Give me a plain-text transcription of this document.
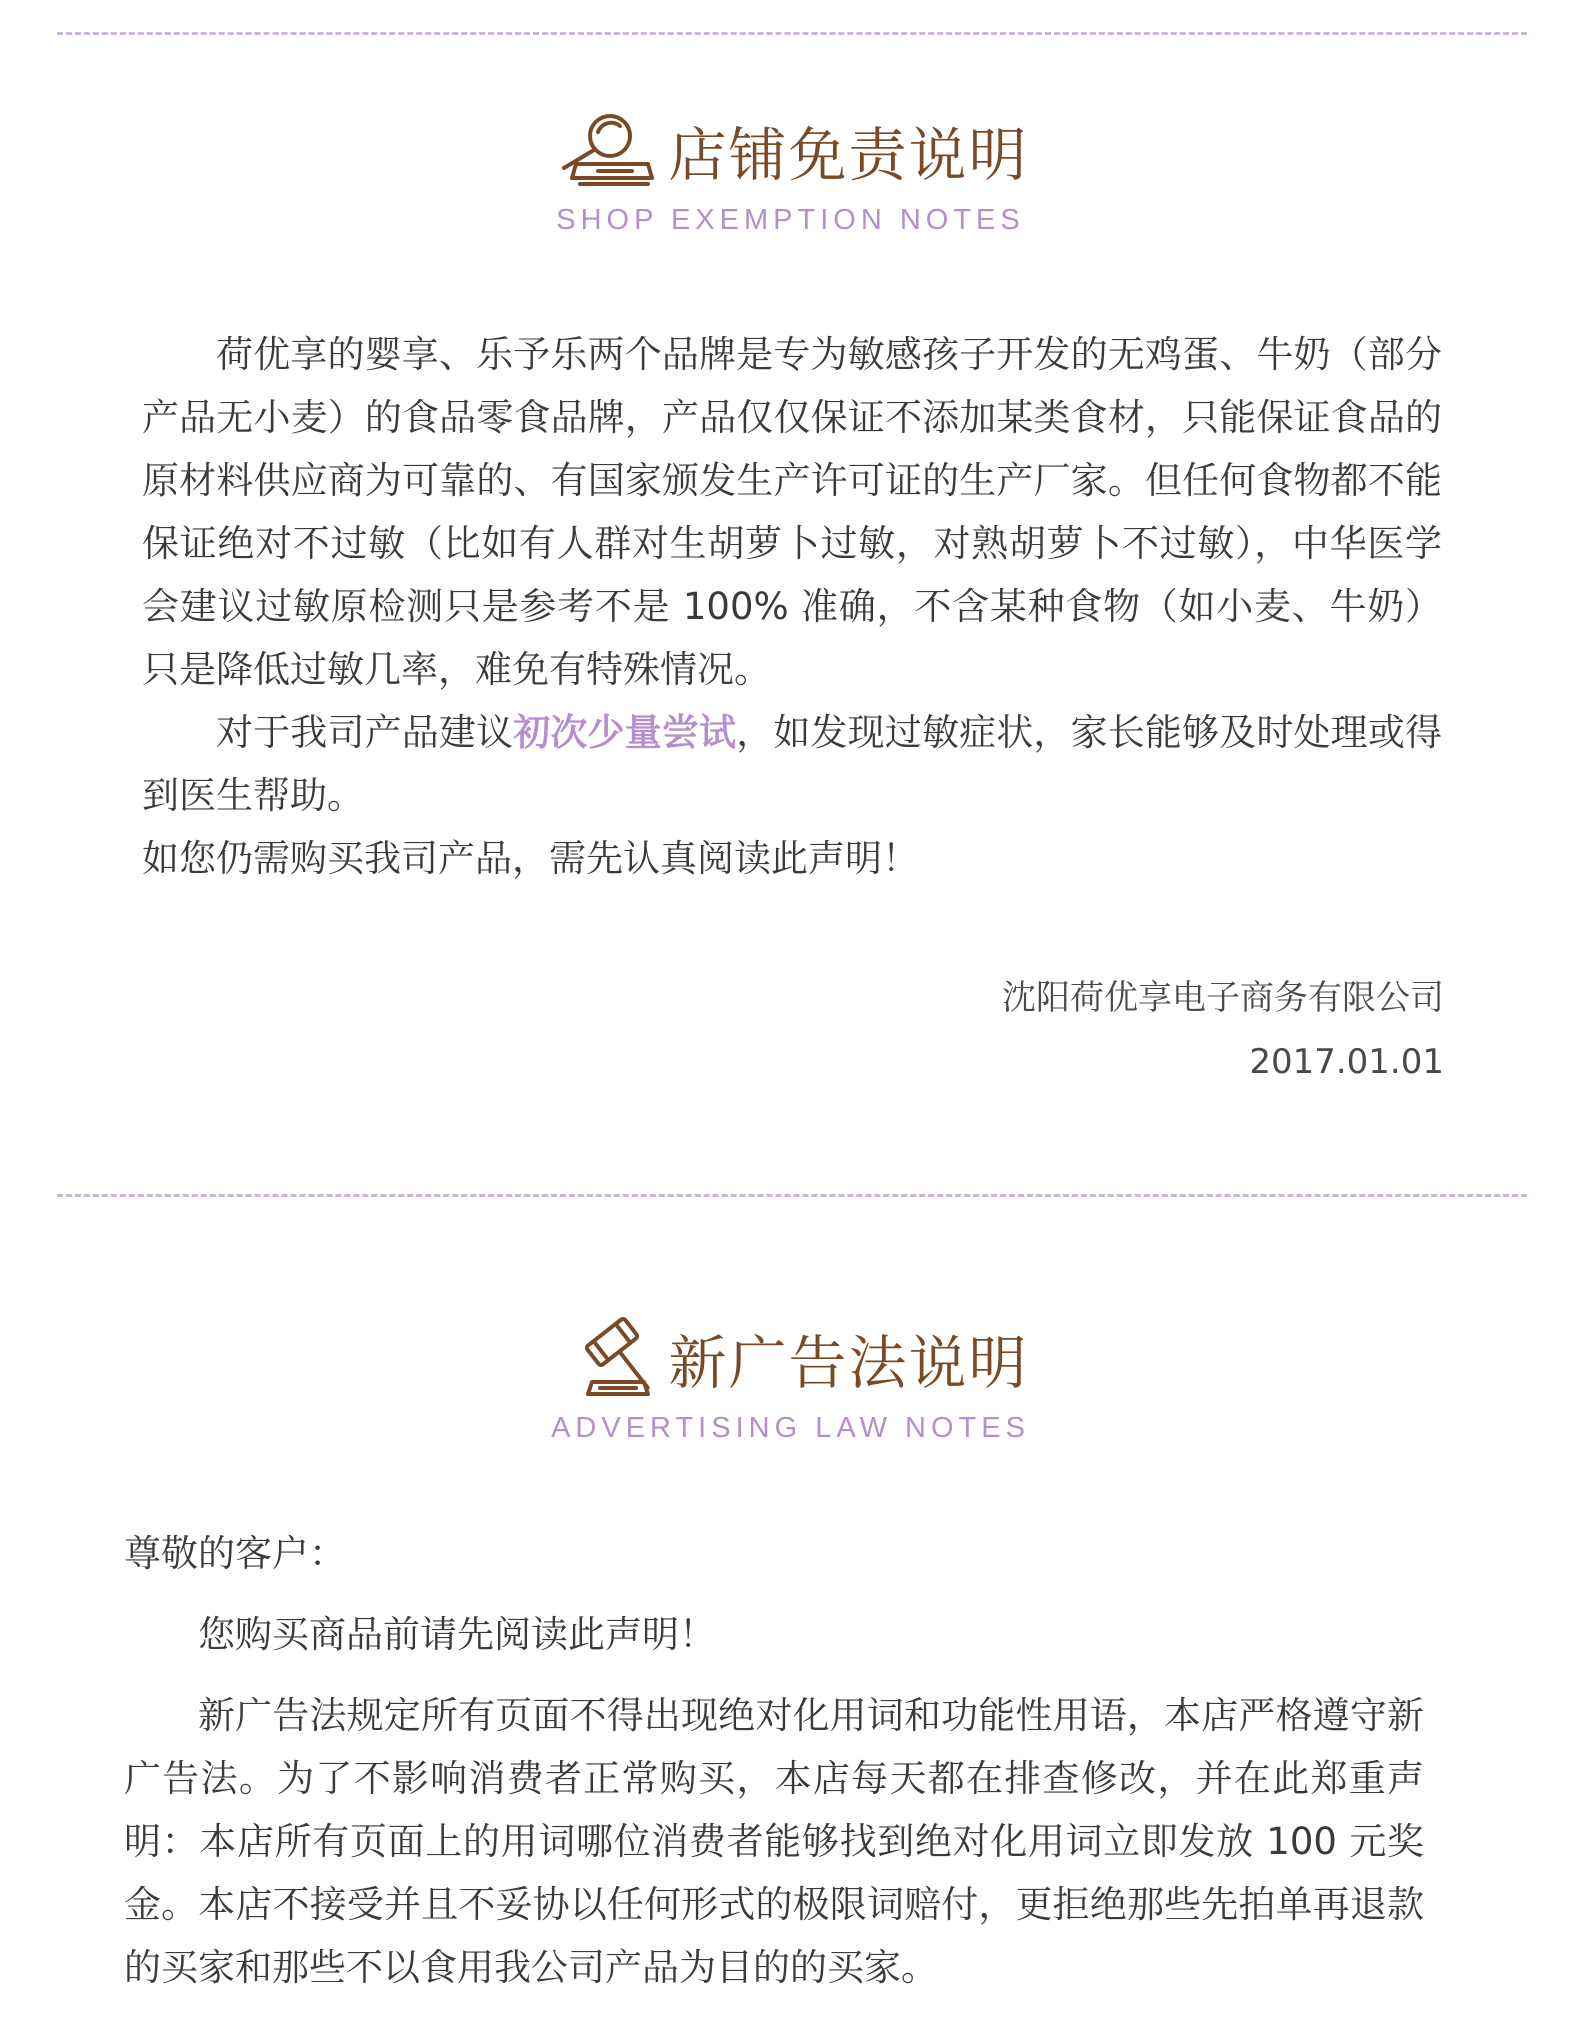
店铺免责说明
SHOP EXEMPTION NOTES

荷优享的婴享、乐予乐两个品牌是专为敏感孩子开发的无鸡蛋、牛奶（部分产品无小麦）的食品零食品牌，产品仅仅保证不添加某类食材，只能保证食品的原材料供应商为可靠的、有国家颁发生产许可证的生产厂家。但任何食物都不能保证绝对不过敏（比如有人群对生胡萝卜过敏，对熟胡萝卜不过敏），中华医学会建议过敏原检测只是参考不是 100% 准确，不含某种食物（如小麦、牛奶）只是降低过敏几率，难免有特殊情况。

对于我司产品建议初次少量尝试，如发现过敏症状，家长能够及时处理或得到医生帮助。

如您仍需购买我司产品，需先认真阅读此声明！

沈阳荷优享电子商务有限公司
2017.01.01
新广告法说明
ADVERTISING LAW NOTES

尊敬的客户：

您购买商品前请先阅读此声明！

新广告法规定所有页面不得出现绝对化用词和功能性用语，本店严格遵守新广告法。为了不影响消费者正常购买，本店每天都在排查修改，并在此郑重声明：本店所有页面上的用词哪位消费者能够找到绝对化用词立即发放 100 元奖金。本店不接受并且不妥协以任何形式的极限词赔付，更拒绝那些先拍单再退款的买家和那些不以食用我公司产品为目的的买家。
